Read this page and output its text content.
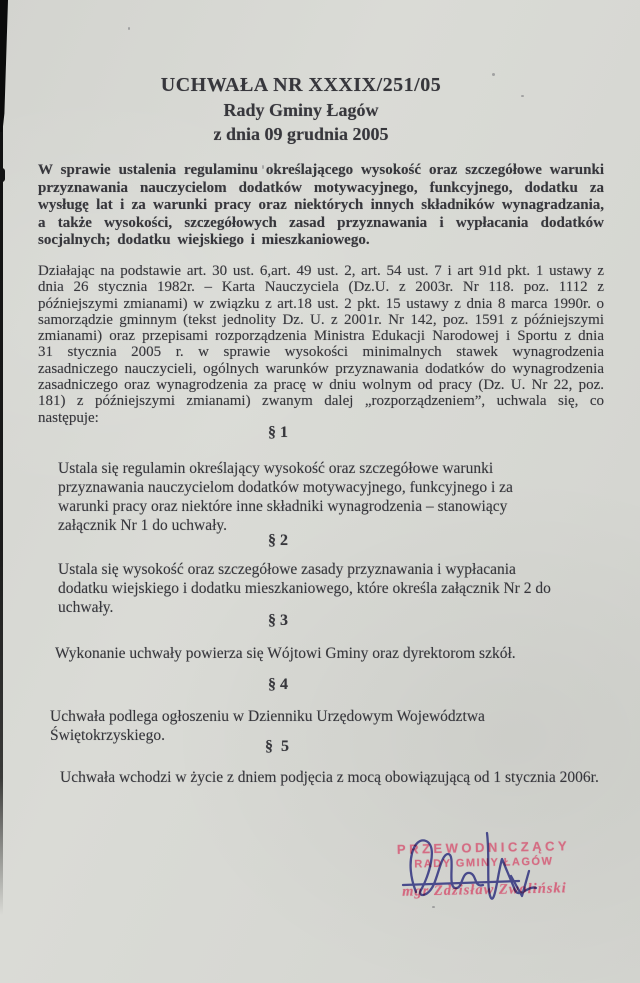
UCHWAŁA NR XXXIX/251/05
Rady Gminy Łagów
z dnia 09 grudnia 2005
W sprawie ustalenia regulaminu określającego wysokość oraz szczegółowe warunki przyznawania nauczycielom dodatków motywacyjnego, funkcyjnego, dodatku za wysługę lat i za warunki pracy oraz niektórych innych składników wynagradzania, a także wysokości, szczegółowych zasad przyznawania i wypłacania dodatków socjalnych; dodatku wiejskiego i mieszkaniowego.
Działając na podstawie art. 30 ust. 6,art. 49 ust. 2, art. 54 ust. 7 i art 91d pkt. 1 ustawy z dnia 26 stycznia 1982r. – Karta Nauczyciela (Dz.U. z 2003r. Nr 118. poz. 1112 z późniejszymi zmianami) w związku z art.18 ust. 2 pkt. 15 ustawy z dnia 8 marca 1990r. o samorządzie gminnym (tekst jednolity Dz. U. z 2001r. Nr 142, poz. 1591 z późniejszymi zmianami) oraz przepisami rozporządzenia Ministra Edukacji Narodowej i Sportu z dnia 31 stycznia 2005 r. w sprawie wysokości minimalnych stawek wynagrodzenia zasadniczego nauczycieli, ogólnych warunków przyznawania dodatków do wynagrodzenia zasadniczego oraz wynagrodzenia za pracę w dniu wolnym od pracy (Dz. U. Nr 22, poz. 181) z późniejszymi zmianami) zwanym dalej „rozporządzeniem”, uchwala się, co następuje:
§ 1
Ustala się regulamin określający wysokość oraz szczegółowe warunki przyznawania nauczycielom dodatków motywacyjnego, funkcyjnego i za warunki pracy oraz niektóre inne składniki wynagrodzenia – stanowiący załącznik Nr 1 do uchwały.
§ 2
Ustala się wysokość oraz szczegółowe zasady przyznawania i wypłacania dodatku wiejskiego i dodatku mieszkaniowego, które określa załącznik Nr 2 do uchwały.
§ 3
Wykonanie uchwały powierza się Wójtowi Gminy oraz dyrektorom szkół.
§ 4
Uchwała podlega ogłoszeniu w Dzienniku Urzędowym Województwa Świętokrzyskiego.
§ 5
Uchwała wchodzi w życie z dniem podjęcia z mocą obowiązującą od 1 stycznia 2006r.
PRZEWODNICZĄCY
RADY GMINY ŁAGÓW
mgr Zdzisław Zwoliński
